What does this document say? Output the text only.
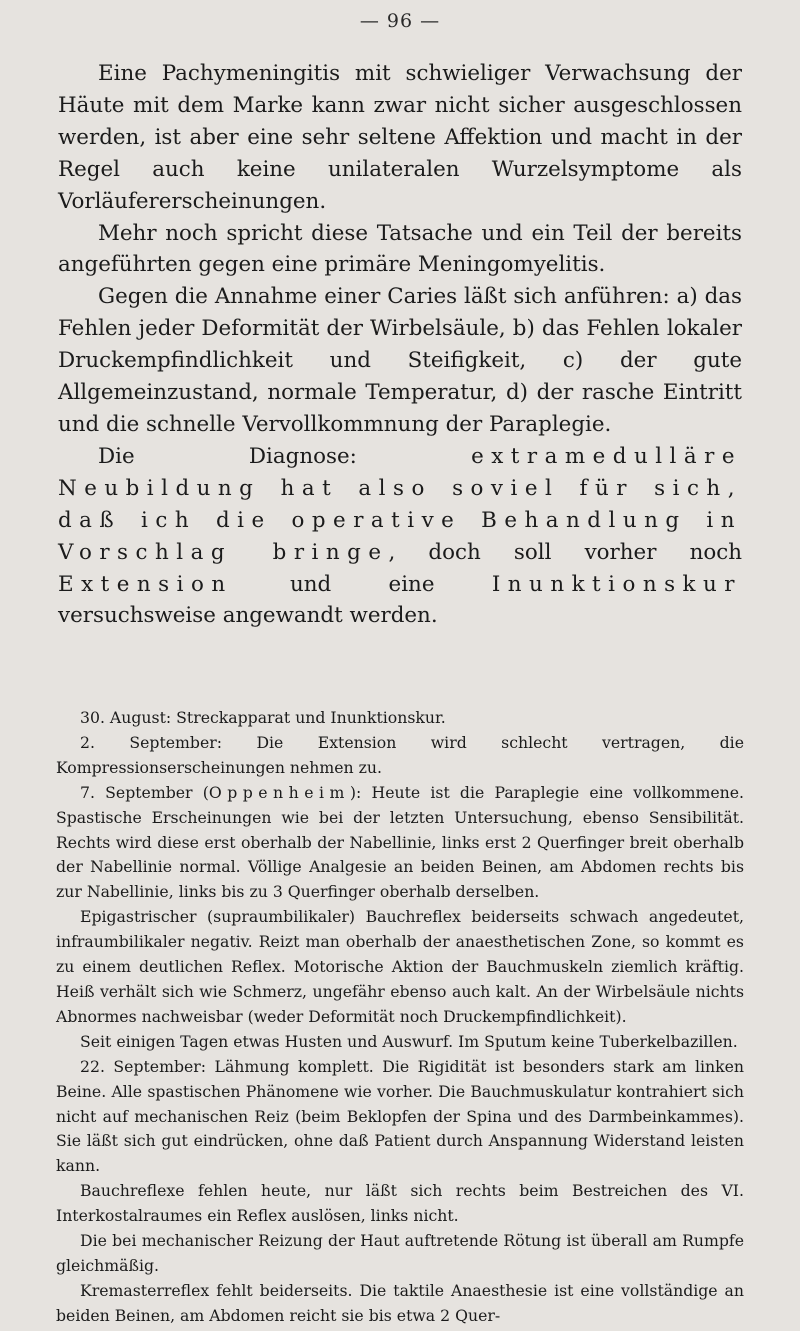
— 96 —

Eine Pachymeningitis mit schwieliger Verwachsung der Häute mit dem Marke kann zwar nicht sicher ausgeschlossen werden, ist aber eine sehr seltene Affektion und macht in der Regel auch keine unilateralen Wurzelsymptome als Vorläufererscheinungen.

Mehr noch spricht diese Tatsache und ein Teil der bereits angeführten gegen eine primäre Meningomyelitis.

Gegen die Annahme einer Caries läßt sich anführen: a) das Fehlen jeder Deformität der Wirbelsäule, b) das Fehlen lokaler Druckempfindlichkeit und Steifigkeit, c) der gute Allgemeinzustand, normale Temperatur, d) der rasche Eintritt und die schnelle Vervollkommnung der Paraplegie.

Die Diagnose: extramedulläre Neubildung hat also soviel für sich, daß ich die operative Behandlung in Vorschlag bringe, doch soll vorher noch Extension und eine Inunktionskur versuchsweise angewandt werden.

30. August: Streckapparat und Inunktionskur.

2. September: Die Extension wird schlecht vertragen, die Kompressionserscheinungen nehmen zu.

7. September (Oppenheim): Heute ist die Paraplegie eine vollkommene. Spastische Erscheinungen wie bei der letzten Untersuchung, ebenso Sensibilität. Rechts wird diese erst oberhalb der Nabellinie, links erst 2 Querfinger breit oberhalb der Nabellinie normal. Völlige Analgesie an beiden Beinen, am Abdomen rechts bis zur Nabellinie, links bis zu 3 Querfinger oberhalb derselben.

Epigastrischer (supraumbilikaler) Bauchreflex beiderseits schwach angedeutet, infraumbilikaler negativ. Reizt man oberhalb der anaesthetischen Zone, so kommt es zu einem deutlichen Reflex. Motorische Aktion der Bauchmuskeln ziemlich kräftig. Heiß verhält sich wie Schmerz, ungefähr ebenso auch kalt. An der Wirbelsäule nichts Abnormes nachweisbar (weder Deformität noch Druckempfindlichkeit).

Seit einigen Tagen etwas Husten und Auswurf. Im Sputum keine Tuberkelbazillen.

22. September: Lähmung komplett. Die Rigidität ist besonders stark am linken Beine. Alle spastischen Phänomene wie vorher. Die Bauchmuskulatur kontrahiert sich nicht auf mechanischen Reiz (beim Beklopfen der Spina und des Darmbeinkammes). Sie läßt sich gut eindrücken, ohne daß Patient durch Anspannung Widerstand leisten kann.

Bauchreflexe fehlen heute, nur läßt sich rechts beim Bestreichen des VI. Interkostalraumes ein Reflex auslösen, links nicht.

Die bei mechanischer Reizung der Haut auftretende Rötung ist überall am Rumpfe gleichmäßig.

Kremasterreflex fehlt beiderseits. Die taktile Anaesthesie ist eine vollständige an beiden Beinen, am Abdomen reicht sie bis etwa 2 Quer-
